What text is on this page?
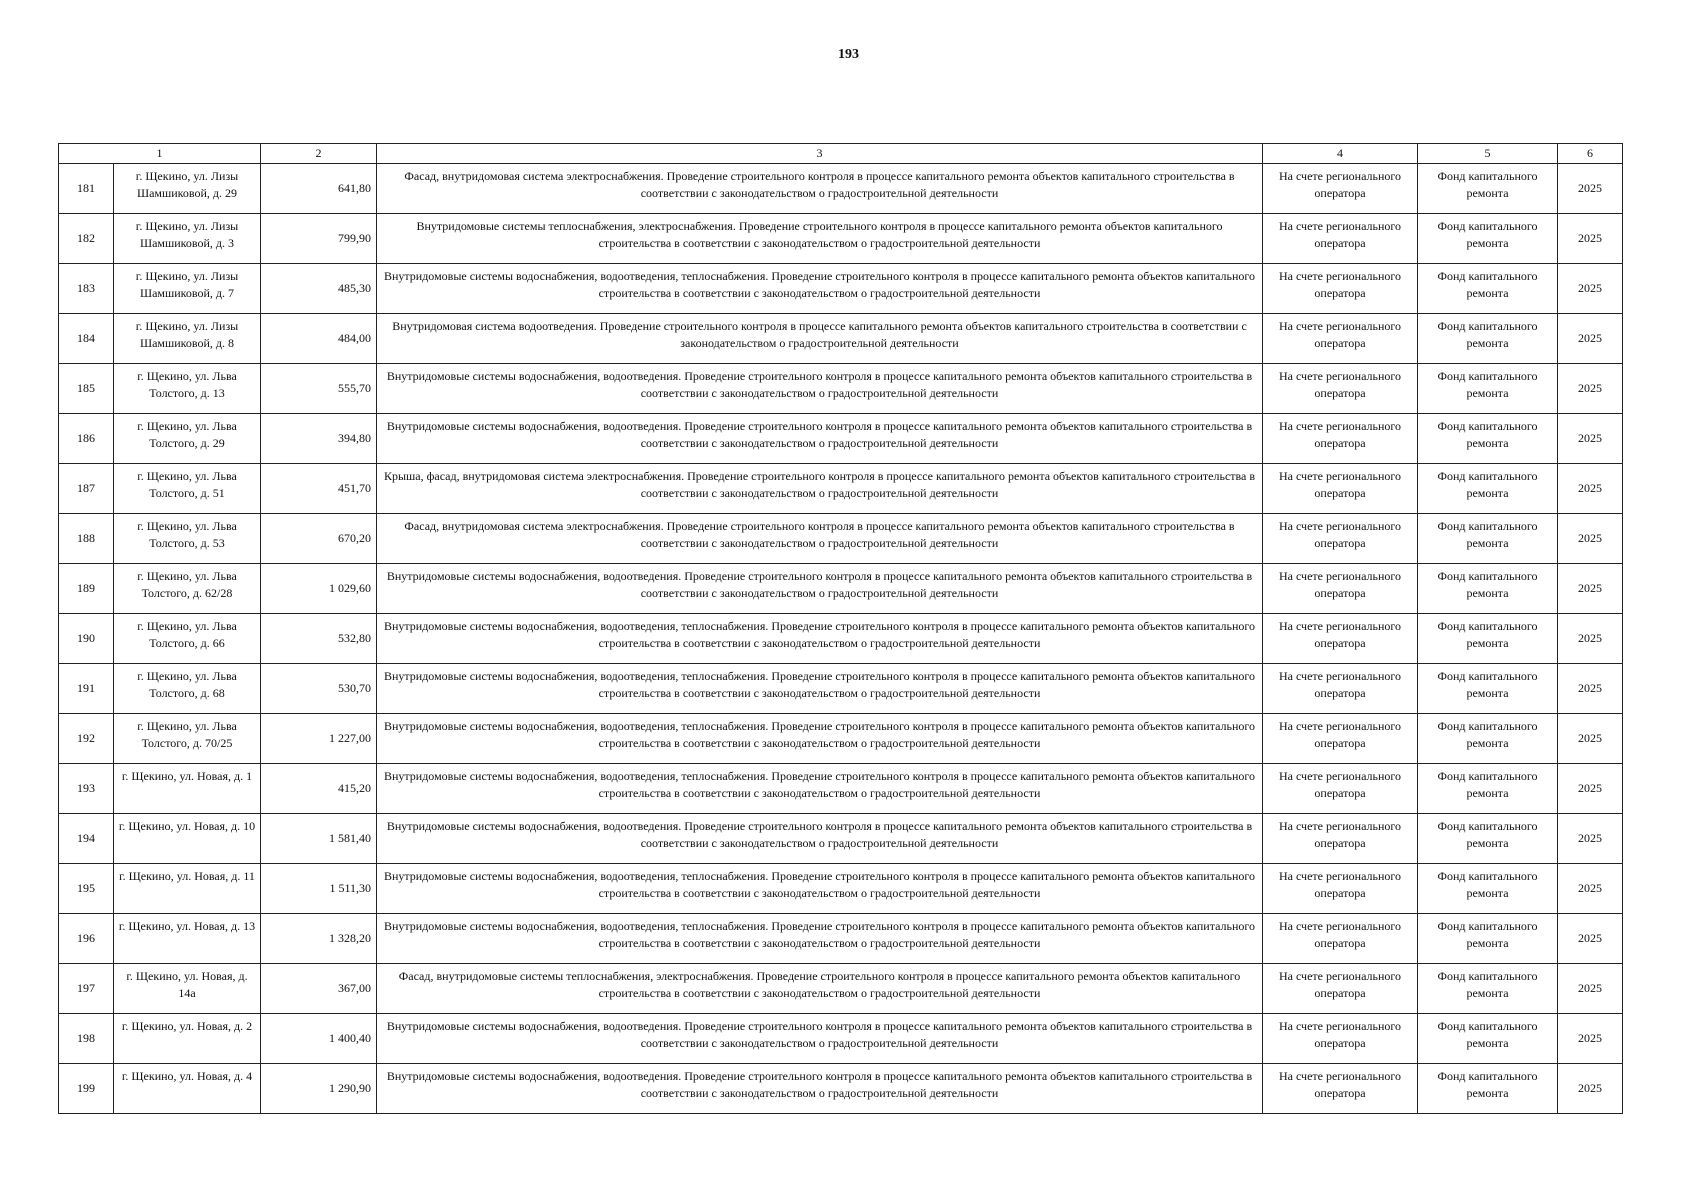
193
1		2	3	4	5	6
181	г. Щекино, ул. Лизы Шамшиковой, д. 29	641,80	Фасад, внутридомовая система электроснабжения. Проведение строительного контроля в процессе капитального ремонта объектов капитального строительства в соответствии с законодательством о градостроительной деятельности	На счете регионального оператора	Фонд капитального ремонта	2025
182	г. Щекино, ул. Лизы Шамшиковой, д. 3	799,90	Внутридомовые системы теплоснабжения, электроснабжения. Проведение строительного контроля в процессе капитального ремонта объектов капитального строительства в соответствии с законодательством о градостроительной деятельности	На счете регионального оператора	Фонд капитального ремонта	2025
183	г. Щекино, ул. Лизы Шамшиковой, д. 7	485,30	Внутридомовые системы водоснабжения, водоотведения, теплоснабжения. Проведение строительного контроля в процессе капитального ремонта объектов капитального строительства в соответствии с законодательством о градостроительной деятельности	На счете регионального оператора	Фонд капитального ремонта	2025
184	г. Щекино, ул. Лизы Шамшиковой, д. 8	484,00	Внутридомовая система водоотведения. Проведение строительного контроля в процессе капитального ремонта объектов капитального строительства в соответствии с законодательством о градостроительной деятельности	На счете регионального оператора	Фонд капитального ремонта	2025
185	г. Щекино, ул. Льва Толстого, д. 13	555,70	Внутридомовые системы водоснабжения, водоотведения. Проведение строительного контроля в процессе капитального ремонта объектов капитального строительства в соответствии с законодательством о градостроительной деятельности	На счете регионального оператора	Фонд капитального ремонта	2025
186	г. Щекино, ул. Льва Толстого, д. 29	394,80	Внутридомовые системы водоснабжения, водоотведения. Проведение строительного контроля в процессе капитального ремонта объектов капитального строительства в соответствии с законодательством о градостроительной деятельности	На счете регионального оператора	Фонд капитального ремонта	2025
187	г. Щекино, ул. Льва Толстого, д. 51	451,70	Крыша, фасад, внутридомовая система электроснабжения. Проведение строительного контроля в процессе капитального ремонта объектов капитального строительства в соответствии с законодательством о градостроительной деятельности	На счете регионального оператора	Фонд капитального ремонта	2025
188	г. Щекино, ул. Льва Толстого, д. 53	670,20	Фасад, внутридомовая система электроснабжения. Проведение строительного контроля в процессе капитального ремонта объектов капитального строительства в соответствии с законодательством о градостроительной деятельности	На счете регионального оператора	Фонд капитального ремонта	2025
189	г. Щекино, ул. Льва Толстого, д. 62/28	1 029,60	Внутридомовые системы водоснабжения, водоотведения. Проведение строительного контроля в процессе капитального ремонта объектов капитального строительства в соответствии с законодательством о градостроительной деятельности	На счете регионального оператора	Фонд капитального ремонта	2025
190	г. Щекино, ул. Льва Толстого, д. 66	532,80	Внутридомовые системы водоснабжения, водоотведения, теплоснабжения. Проведение строительного контроля в процессе капитального ремонта объектов капитального строительства в соответствии с законодательством о градостроительной деятельности	На счете регионального оператора	Фонд капитального ремонта	2025
191	г. Щекино, ул. Льва Толстого, д. 68	530,70	Внутридомовые системы водоснабжения, водоотведения, теплоснабжения. Проведение строительного контроля в процессе капитального ремонта объектов капитального строительства в соответствии с законодательством о градостроительной деятельности	На счете регионального оператора	Фонд капитального ремонта	2025
192	г. Щекино, ул. Льва Толстого, д. 70/25	1 227,00	Внутридомовые системы водоснабжения, водоотведения, теплоснабжения. Проведение строительного контроля в процессе капитального ремонта объектов капитального строительства в соответствии с законодательством о градостроительной деятельности	На счете регионального оператора	Фонд капитального ремонта	2025
193	г. Щекино, ул. Новая, д. 1	415,20	Внутридомовые системы водоснабжения, водоотведения, теплоснабжения. Проведение строительного контроля в процессе капитального ремонта объектов капитального строительства в соответствии с законодательством о градостроительной деятельности	На счете регионального оператора	Фонд капитального ремонта	2025
194	г. Щекино, ул. Новая, д. 10	1 581,40	Внутридомовые системы водоснабжения, водоотведения. Проведение строительного контроля в процессе капитального ремонта объектов капитального строительства в соответствии с законодательством о градостроительной деятельности	На счете регионального оператора	Фонд капитального ремонта	2025
195	г. Щекино, ул. Новая, д. 11	1 511,30	Внутридомовые системы водоснабжения, водоотведения, теплоснабжения. Проведение строительного контроля в процессе капитального ремонта объектов капитального строительства в соответствии с законодательством о градостроительной деятельности	На счете регионального оператора	Фонд капитального ремонта	2025
196	г. Щекино, ул. Новая, д. 13	1 328,20	Внутридомовые системы водоснабжения, водоотведения, теплоснабжения. Проведение строительного контроля в процессе капитального ремонта объектов капитального строительства в соответствии с законодательством о градостроительной деятельности	На счете регионального оператора	Фонд капитального ремонта	2025
197	г. Щекино, ул. Новая, д. 14а	367,00	Фасад, внутридомовые системы теплоснабжения, электроснабжения. Проведение строительного контроля в процессе капитального ремонта объектов капитального строительства в соответствии с законодательством о градостроительной деятельности	На счете регионального оператора	Фонд капитального ремонта	2025
198	г. Щекино, ул. Новая, д. 2	1 400,40	Внутридомовые системы водоснабжения, водоотведения. Проведение строительного контроля в процессе капитального ремонта объектов капитального строительства в соответствии с законодательством о градостроительной деятельности	На счете регионального оператора	Фонд капитального ремонта	2025
199	г. Щекино, ул. Новая, д. 4	1 290,90	Внутридомовые системы водоснабжения, водоотведения. Проведение строительного контроля в процессе капитального ремонта объектов капитального строительства в соответствии с законодательством о градостроительной деятельности	На счете регионального оператора	Фонд капитального ремонта	2025
